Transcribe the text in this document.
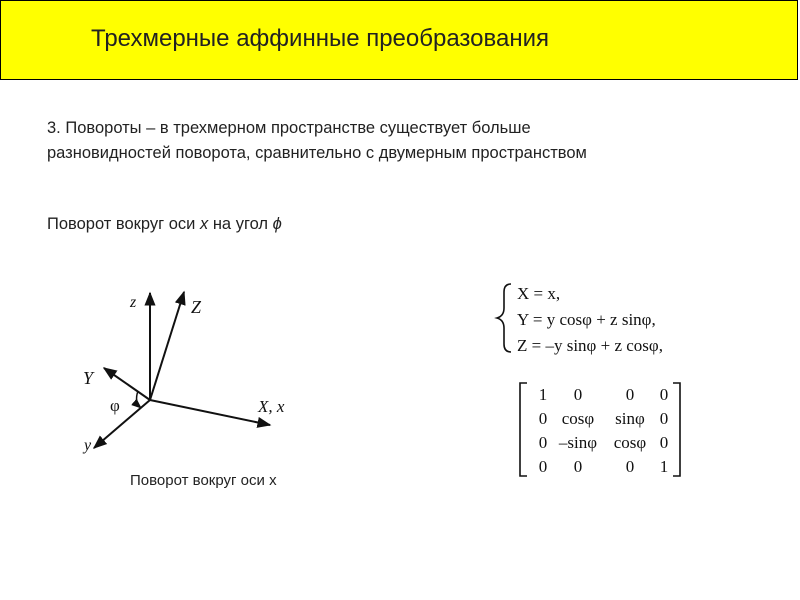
Трехмерные аффинные преобразования
3. Повороты – в трехмерном пространстве существует больше
разновидностей поворота, сравнительно с двумерным пространством
Поворот вокруг оси x на угол ϕ
z	Z
Y
φ
y
X, x
Поворот вокруг оси x
X = x,
Y = y cosφ + z sinφ,
Z = –y sinφ + z cosφ,
1 0	0 0
0 cosφ sinφ 0
0 –sinφ cosφ 0
0 0	0 1
